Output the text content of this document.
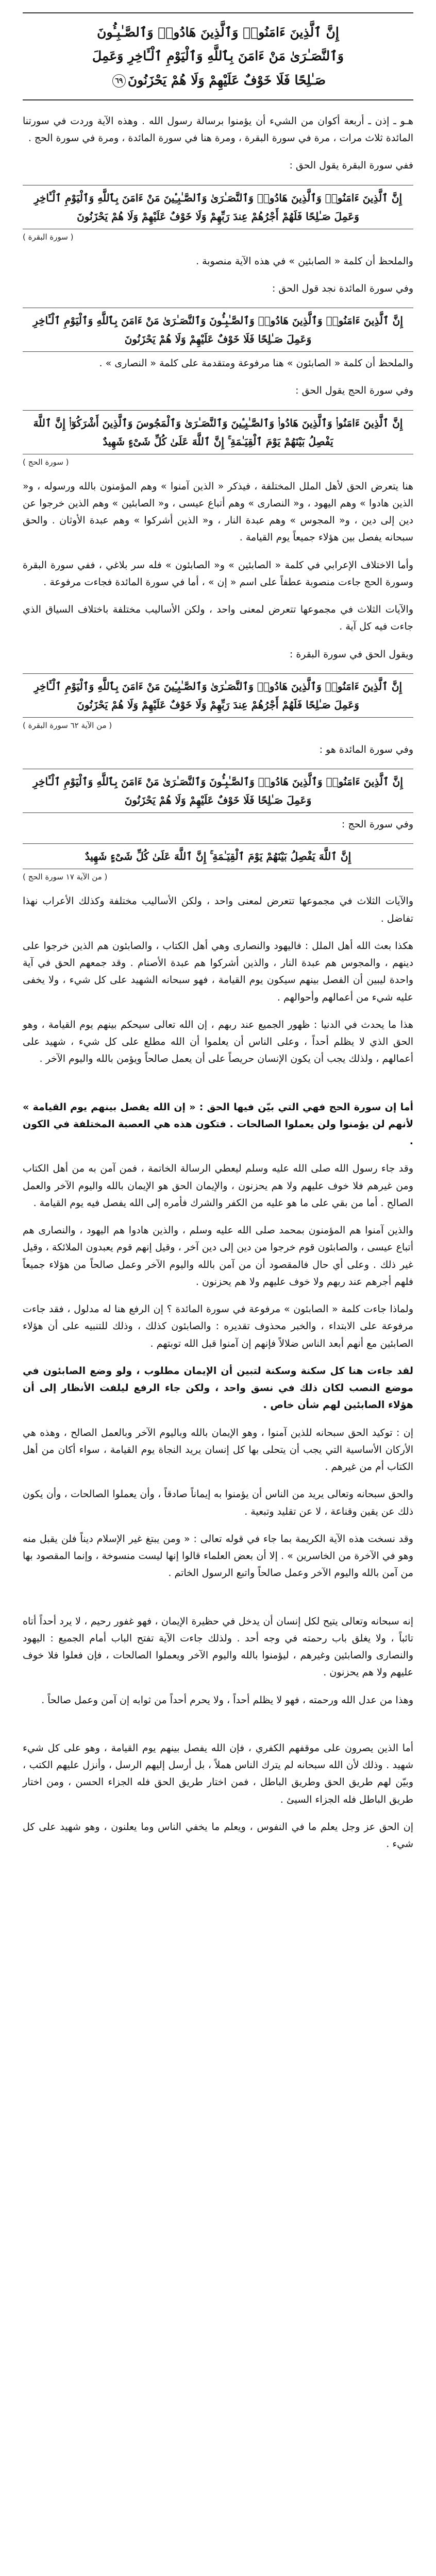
إِنَّ ٱلَّذِينَ ءَامَنُوا۟ وَٱلَّذِينَ هَادُوا۟ وَٱلصَّـٰبِـُٔونَ
وَٱلنَّصَـٰرَىٰ مَنْ ءَامَنَ بِٱللَّهِ وَٱلْيَوْمِ ٱلْـَٔاخِرِ وَعَمِلَ
صَـٰلِحًا فَلَا خَوْفٌ عَلَيْهِمْ وَلَا هُمْ يَحْزَنُونَ٦٩

هـو ـ إذن ـ أربعة أكوان من الشيء أن يؤمنوا برسالة رسول الله . وهذه الآية وردت في سورتنا المائدة ثلاث مرات ، مرة في سورة البقرة ، ومرة هنا في سورة المائدة ، ومرة في سورة الحج .

ففي سورة البقرة يقول الحق :

إِنَّ ٱلَّذِينَ ءَامَنُوا۟ وَٱلَّذِينَ هَادُوا۟ وَٱلنَّصَـٰرَىٰ وَٱلصَّـٰبِـِٔينَ مَنْ ءَامَنَ بِٱللَّهِ وَٱلْيَوْمِ ٱلْـَٔاخِرِ وَعَمِلَ صَـٰلِحًا فَلَهُمْ أَجْرُهُمْ عِندَ رَبِّهِمْ وَلَا خَوْفٌ عَلَيْهِمْ وَلَا هُمْ يَحْزَنُونَ
( سورة البقرة )

والملحظ أن كلمة « الصابئين » في هذه الآية منصوبة .

وفي سورة المائدة نجد قول الحق :

إِنَّ ٱلَّذِينَ ءَامَنُوا۟ وَٱلَّذِينَ هَادُوا۟ وَٱلصَّـٰبِـُٔونَ وَٱلنَّصَـٰرَىٰ مَنْ ءَامَنَ بِٱللَّهِ وَٱلْيَوْمِ ٱلْـَٔاخِرِ وَعَمِلَ صَـٰلِحًا فَلَا خَوْفٌ عَلَيْهِمْ وَلَا هُمْ يَحْزَنُونَ

والملحظ أن كلمة « الصابئون » هنا مرفوعة ومتقدمة على كلمة « النصارى » .

وفي سورة الحج يقول الحق :

إِنَّ ٱلَّذِينَ ءَامَنُوا۟ وَٱلَّذِينَ هَادُوا۟ وَٱلصَّـٰبِـِٔينَ وَٱلنَّصَـٰرَىٰ وَٱلْمَجُوسَ وَٱلَّذِينَ أَشْرَكُوٓا۟ إِنَّ ٱللَّهَ يَفْصِلُ بَيْنَهُمْ يَوْمَ ٱلْقِيَـٰمَةِ ۚ إِنَّ ٱللَّهَ عَلَىٰ كُلِّ شَىْءٍ شَهِيدٌ
( سورة الحج )

هنا يتعرض الحق لأهل الملل المختلفة ، فيذكر « الذين آمنوا » وهم المؤمنون بالله ورسوله ، و« الذين هادوا » وهم اليهود ، و« النصارى » وهم أتباع عيسى ، و« الصابئين » وهم الذين خرجوا عن دين إلى دين ، و« المجوس » وهم عبدة النار ، و« الذين أشركوا » وهم عبدة الأوثان . والحق سبحانه يفصل بين هؤلاء جميعاً يوم القيامة .

وأما الاختلاف الإعرابي في كلمة « الصابئين » و« الصابئون » فله سر بلاغي ، ففي سورة البقرة وسورة الحج جاءت منصوبة عطفاً على اسم « إن » ، أما في سورة المائدة فجاءت مرفوعة .

والآيات الثلاث في مجموعها تتعرض لمعنى واحد ، ولكن الأساليب مختلفة باختلاف السياق الذي جاءت فيه كل آية .

ويقول الحق في سورة البقرة :

إِنَّ ٱلَّذِينَ ءَامَنُوا۟ وَٱلَّذِينَ هَادُوا۟ وَٱلنَّصَـٰرَىٰ وَٱلصَّـٰبِـِٔينَ مَنْ ءَامَنَ بِٱللَّهِ وَٱلْيَوْمِ ٱلْـَٔاخِرِ وَعَمِلَ صَـٰلِحًا فَلَهُمْ أَجْرُهُمْ عِندَ رَبِّهِمْ وَلَا خَوْفٌ عَلَيْهِمْ وَلَا هُمْ يَحْزَنُونَ
( من الآية ٦٢ سورة البقرة )

وفي سورة المائدة هو :

إِنَّ ٱلَّذِينَ ءَامَنُوا۟ وَٱلَّذِينَ هَادُوا۟ وَٱلصَّـٰبِـُٔونَ وَٱلنَّصَـٰرَىٰ مَنْ ءَامَنَ بِٱللَّهِ وَٱلْيَوْمِ ٱلْـَٔاخِرِ وَعَمِلَ صَـٰلِحًا فَلَا خَوْفٌ عَلَيْهِمْ وَلَا هُمْ يَحْزَنُونَ

وفي سورة الحج :

إِنَّ ٱللَّهَ يَفْصِلُ بَيْنَهُمْ يَوْمَ ٱلْقِيَـٰمَةِ ۚ إِنَّ ٱللَّهَ عَلَىٰ كُلِّ شَىْءٍ شَهِيدٌ
( من الآية ١٧ سورة الحج )

والآيات الثلاث في مجموعها تتعرض لمعنى واحد ، ولكن الأساليب مختلفة وكذلك الأعراب نهذا تفاضل .

هكذا بعث الله أهل الملل : فاليهود والنصارى وهي أهل الكتاب ، والصابئون هم الذين خرجوا على دينهم ، والمجوس هم عبدة النار ، والذين أشركوا هم عبدة الأصنام . وقد جمعهم الحق في آية واحدة ليبين أن الفصل بينهم سيكون يوم القيامة ، فهو سبحانه الشهيد على كل شيء ، ولا يخفى عليه شيء من أعمالهم وأحوالهم .

هذا ما يحدث في الدنيا : ظهور الجميع عند ربهم ، إن الله تعالى سيحكم بينهم يوم القيامة ، وهو الحق الذي لا يظلم أحداً ، وعلى الناس أن يعلموا أن الله مطلع على كل شيء ، شهيد على أعمالهم ، ولذلك يجب أن يكون الإنسان حريصاً على أن يعمل صالحاً ويؤمن بالله واليوم الآخر .

أما إن سورة الحج فهي التي بيّن فيها الحق : « إن الله يفصل بينهم يوم القيامة » لأنهم لن يؤمنوا ولن يعملوا الصالحات . فتكون هذه هي العصبة المختلفة في الكون .

وقد جاء رسول الله صلى الله عليه وسلم ليعطي الرسالة الخاتمة ، فمن آمن به من أهل الكتاب ومن غيرهم فلا خوف عليهم ولا هم يحزنون ، والإيمان الحق هو الإيمان بالله واليوم الآخر والعمل الصالح . أما من بقي على ما هو عليه من الكفر والشرك فأمره إلى الله يفصل فيه يوم القيامة .

والذين آمنوا هم المؤمنون بمحمد صلى الله عليه وسلم ، والذين هادوا هم اليهود ، والنصارى هم أتباع عيسى ، والصابئون قوم خرجوا من دين إلى دين آخر ، وقيل إنهم قوم يعبدون الملائكة ، وقيل غير ذلك . وعلى أي حال فالمقصود أن من آمن بالله واليوم الآخر وعمل صالحاً من هؤلاء جميعاً فلهم أجرهم عند ربهم ولا خوف عليهم ولا هم يحزنون .

ولماذا جاءت كلمة « الصابئون » مرفوعة في سورة المائدة ؟ إن الرفع هنا له مدلول ، فقد جاءت مرفوعة على الابتداء ، والخبر محذوف تقديره : والصابئون كذلك ، وذلك للتنبيه على أن هؤلاء الصابئين مع أنهم أبعد الناس ضلالاً فإنهم إن آمنوا قبل الله توبتهم .

لقد جاءت هنا كل سكنة وسكنة لتبين أن الإيمان مطلوب ، ولو وضع الصابئون في موضع النصب لكان ذلك في نسق واحد ، ولكن جاء الرفع ليلفت الأنظار إلى أن هؤلاء الصابئين لهم شأن خاص .

إن : توكيد الحق سبحانه للذين آمنوا ، وهو الإيمان بالله وباليوم الآخر وبالعمل الصالح ، وهذه هي الأركان الأساسية التي يجب أن يتحلى بها كل إنسان يريد النجاة يوم القيامة ، سواء أكان من أهل الكتاب أم من غيرهم .

والحق سبحانه وتعالى يريد من الناس أن يؤمنوا به إيماناً صادقاً ، وأن يعملوا الصالحات ، وأن يكون ذلك عن يقين وقناعة ، لا عن تقليد وتبعية .

وقد نسخت هذه الآية الكريمة بما جاء في قوله تعالى : « ومن يبتغ غير الإسلام ديناً فلن يقبل منه وهو في الآخرة من الخاسرين » . إلا أن بعض العلماء قالوا إنها ليست منسوخة ، وإنما المقصود بها من آمن بالله واليوم الآخر وعمل صالحاً واتبع الرسول الخاتم .

إنه سبحانه وتعالى يتيح لكل إنسان أن يدخل في حظيرة الإيمان ، فهو غفور رحيم ، لا يرد أحداً أتاه تائباً ، ولا يغلق باب رحمته في وجه أحد . ولذلك جاءت الآية تفتح الباب أمام الجميع : اليهود والنصارى والصابئين وغيرهم ، ليؤمنوا بالله واليوم الآخر ويعملوا الصالحات ، فإن فعلوا فلا خوف عليهم ولا هم يحزنون .

وهذا من عدل الله ورحمته ، فهو لا يظلم أحداً ، ولا يحرم أحداً من ثوابه إن آمن وعمل صالحاً .

أما الذين يصرون على موقفهم الكفري ، فإن الله يفصل بينهم يوم القيامة ، وهو على كل شيء شهيد . وذلك لأن الله سبحانه لم يترك الناس هملاً ، بل أرسل إليهم الرسل ، وأنزل عليهم الكتب ، وبيّن لهم طريق الحق وطريق الباطل ، فمن اختار طريق الحق فله الجزاء الحسن ، ومن اختار طريق الباطل فله الجزاء السيئ .

إن الحق عز وجل يعلم ما في النفوس ، ويعلم ما يخفي الناس وما يعلنون ، وهو شهيد على كل شيء .
